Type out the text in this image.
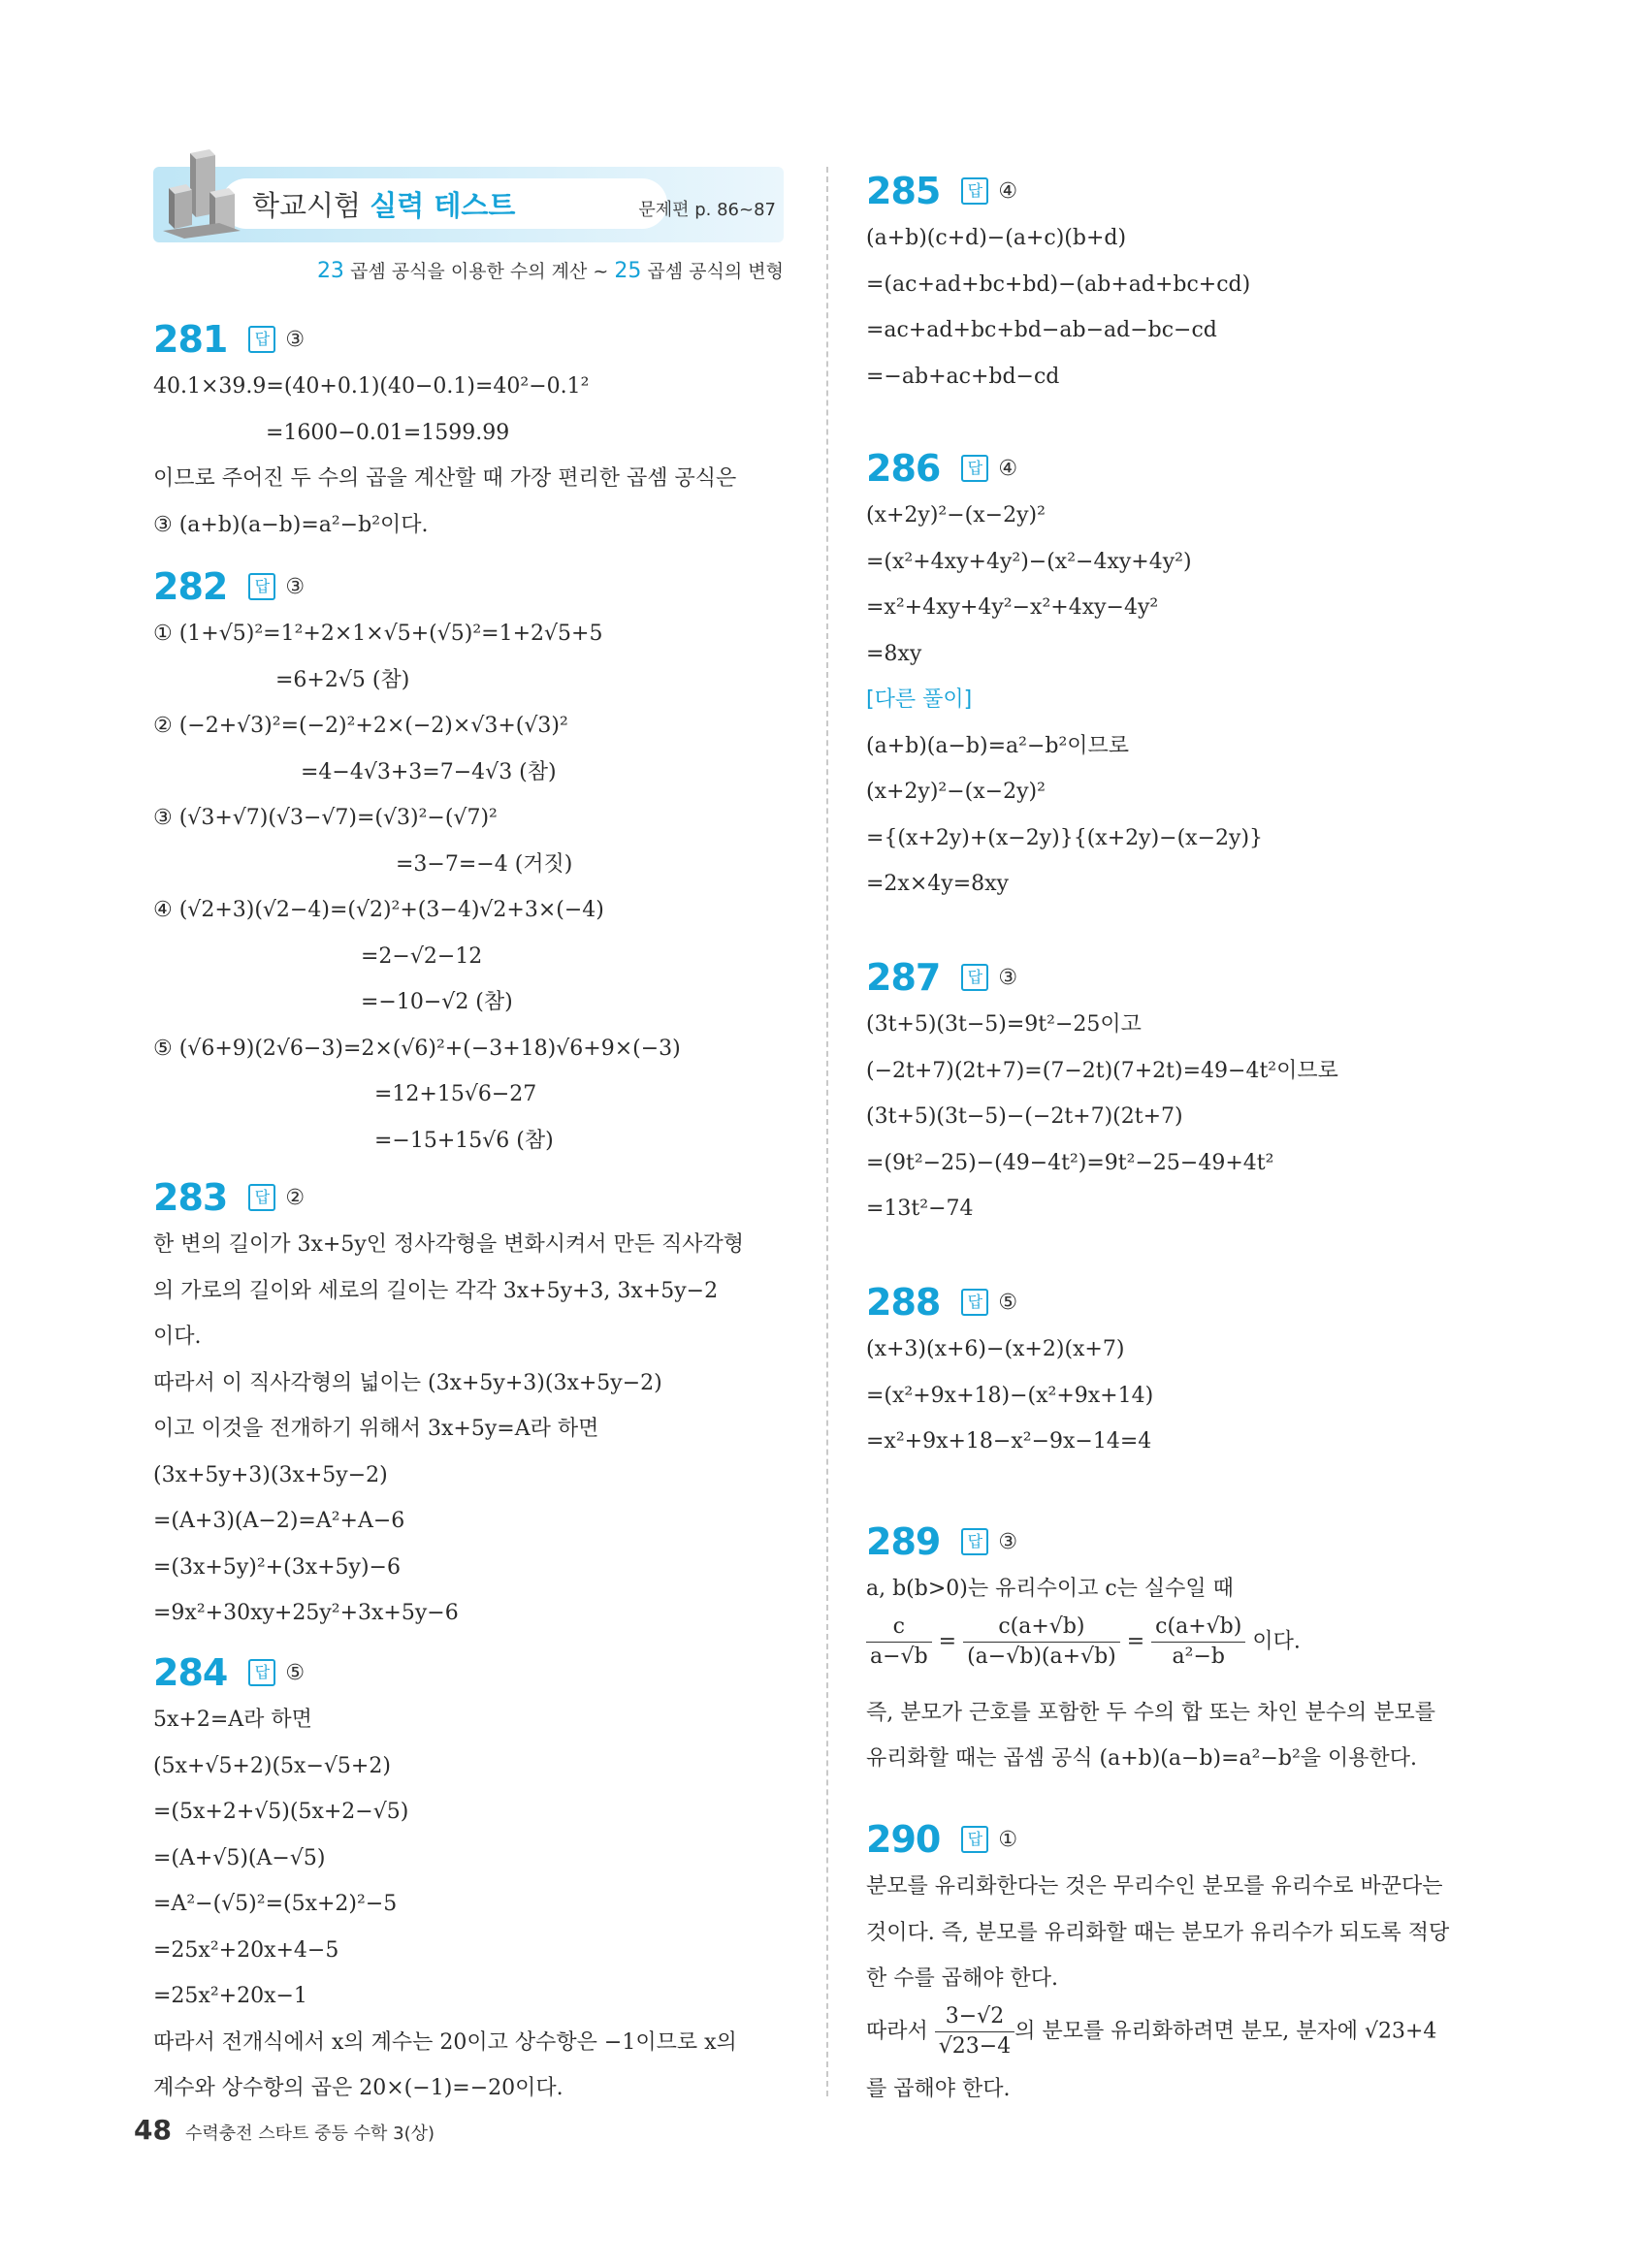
학교시험 실력 테스트	문제편 p. 86~87
23 곱셈 공식을 이용한 수의 계산 ~ 25 곱셈 공식의 변형
281	답 ③
40.1×39.9=(40+0.1)(40−0.1)=40²−0.1²
=1600−0.01=1599.99
이므로 주어진 두 수의 곱을 계산할 때 가장 편리한 곱셈 공식은
③ (a+b)(a−b)=a²−b²이다.
282	답 ③
① (1+√5)²=1²+2×1×√5+(√5)²=1+2√5+5
=6+2√5 (참)
② (−2+√3)²=(−2)²+2×(−2)×√3+(√3)²
=4−4√3+3=7−4√3 (참)
③ (√3+√7)(√3−√7)=(√3)²−(√7)²
=3−7=−4 (거짓)
④ (√2+3)(√2−4)=(√2)²+(3−4)√2+3×(−4)
=2−√2−12
=−10−√2 (참)
⑤ (√6+9)(2√6−3)=2×(√6)²+(−3+18)√6+9×(−3)
=12+15√6−27
=−15+15√6 (참)
283	답 ②
한 변의 길이가 3x+5y인 정사각형을 변화시켜서 만든 직사각형
의 가로의 길이와 세로의 길이는 각각 3x+5y+3, 3x+5y−2
이다.
따라서 이 직사각형의 넓이는 (3x+5y+3)(3x+5y−2)
이고 이것을 전개하기 위해서 3x+5y=A라 하면
(3x+5y+3)(3x+5y−2)
=(A+3)(A−2)=A²+A−6
=(3x+5y)²+(3x+5y)−6
=9x²+30xy+25y²+3x+5y−6
284	답 ⑤
5x+2=A라 하면
(5x+√5+2)(5x−√5+2)
=(5x+2+√5)(5x+2−√5)
=(A+√5)(A−√5)
=A²−(√5)²=(5x+2)²−5
=25x²+20x+4−5
=25x²+20x−1
따라서 전개식에서 x의 계수는 20이고 상수항은 −1이므로 x의
계수와 상수항의 곱은 20×(−1)=−20이다.
285	답 ④
(a+b)(c+d)−(a+c)(b+d)
=(ac+ad+bc+bd)−(ab+ad+bc+cd)
=ac+ad+bc+bd−ab−ad−bc−cd
=−ab+ac+bd−cd
286	답 ④
(x+2y)²−(x−2y)²
=(x²+4xy+4y²)−(x²−4xy+4y²)
=x²+4xy+4y²−x²+4xy−4y²
=8xy
[다른 풀이]
(a+b)(a−b)=a²−b²이므로
(x+2y)²−(x−2y)²
={(x+2y)+(x−2y)}{(x+2y)−(x−2y)}
=2x×4y=8xy
287	답 ③
(3t+5)(3t−5)=9t²−25이고
(−2t+7)(2t+7)=(7−2t)(7+2t)=49−4t²이므로
(3t+5)(3t−5)−(−2t+7)(2t+7)
=(9t²−25)−(49−4t²)=9t²−25−49+4t²
=13t²−74
288	답 ⑤
(x+3)(x+6)−(x+2)(x+7)
=(x²+9x+18)−(x²+9x+14)
=x²+9x+18−x²−9x−14=4
289	답 ③
a, b(b>0)는 유리수이고 c는 실수일 때
$\frac{c}{a-√b} = \frac{c(a+√b)}{(a-√b)(a+√b)} = \frac{c(a+√b)}{\text{a²−b}}$ 이다.
즉, 분모가 근호를 포함한 두 수의 합 또는 차인 분수의 분모를
유리화할 때는 곱셈 공식 (a+b)(a−b)=a²−b²을 이용한다.
290	답 ①
분모를 유리화한다는 것은 무리수인 분모를 유리수로 바꾼다는
것이다. 즉, 분모를 유리화할 때는 분모가 유리수가 되도록 적당
한 수를 곱해야 한다.
따라서 $\frac{3-√2}{√23-4}$ 의 분모를 유리화하려면 분모, 분자에 √23+4
를 곱해야 한다.
48 수력충전 스타트 중등 수학 3(상)
